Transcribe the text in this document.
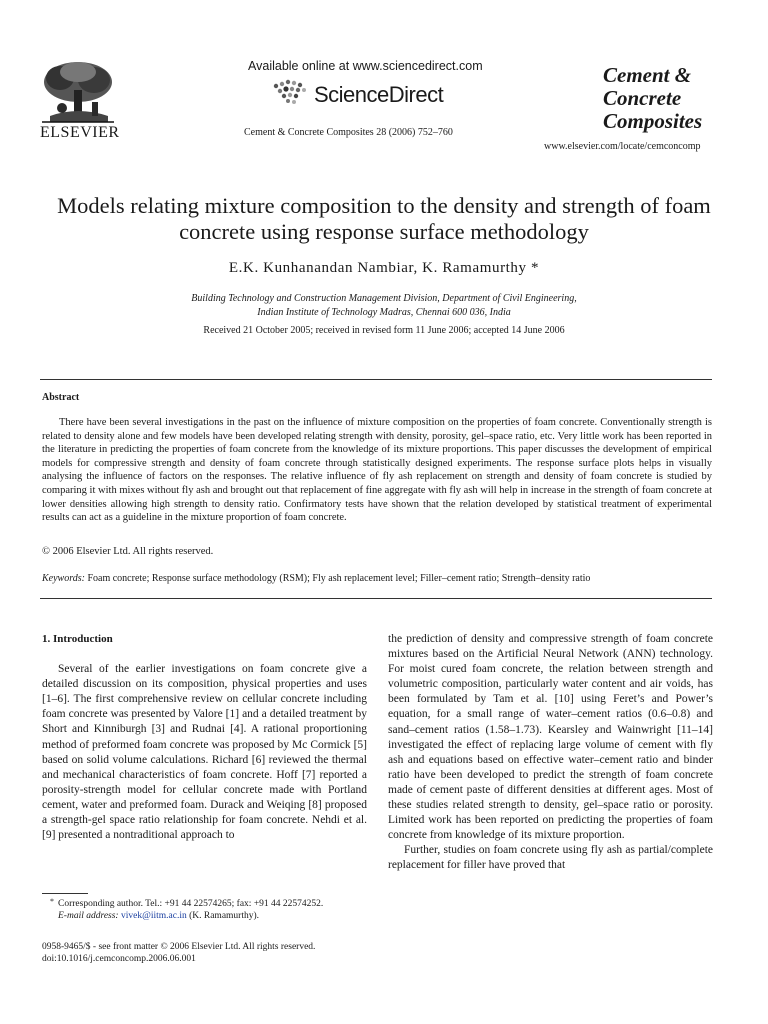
ELSEVIER
Available online at www.sciencedirect.com
ScienceDirect
Cement & Concrete Composites 28 (2006) 752–760
Cement &
Concrete
Composites
www.elsevier.com/locate/cemconcomp
Models relating mixture composition to the density and strength of foam concrete using response surface methodology
E.K. Kunhanandan Nambiar, K. Ramamurthy *
Building Technology and Construction Management Division, Department of Civil Engineering,
Indian Institute of Technology Madras, Chennai 600 036, India
Received 21 October 2005; received in revised form 11 June 2006; accepted 14 June 2006
Abstract

There have been several investigations in the past on the influence of mixture composition on the properties of foam concrete. Conventionally strength is related to density alone and few models have been developed relating strength with density, porosity, gel–space ratio, etc. Very little work has been reported in the literature in predicting the properties of foam concrete from the knowledge of its mixture proportions. This paper discusses the development of empirical models for compressive strength and density of foam concrete through statistically designed experiments. The response surface plots helps in visually analysing the influence of factors on the responses. The relative influence of fly ash replacement on strength and density of foam concrete is studied by comparing it with mixes without fly ash and brought out that replacement of fine aggregate with fly ash will help in increase in the strength of foam concrete at lower densities allowing high strength to density ratio. Confirmatory tests have shown that the relation developed by statistical treatment of experimental results can act as a guideline in the mixture proportion of foam concrete.

© 2006 Elsevier Ltd. All rights reserved.
Keywords: Foam concrete; Response surface methodology (RSM); Fly ash replacement level; Filler–cement ratio; Strength–density ratio
1. Introduction

Several of the earlier investigations on foam concrete give a detailed discussion on its composition, physical properties and uses [1–6]. The first comprehensive review on cellular concrete including foam concrete was presented by Valore [1] and a detailed treatment by Short and Kinniburgh [3] and Rudnai [4]. A rational proportioning method of preformed foam concrete was proposed by Mc Cormick [5] based on solid volume calculations. Richard [6] reviewed the thermal and mechanical characteristics of foam concrete. Hoff [7] reported a porosity-strength model for cellular concrete made with Portland cement, water and preformed foam. Durack and Weiqing [8] proposed a strength-gel space ratio relationship for foam concrete. Nehdi et al. [9] presented a nontraditional approach to

the prediction of density and compressive strength of foam concrete mixtures based on the Artificial Neural Network (ANN) technology. For moist cured foam concrete, the relation between strength and volumetric composition, particularly water content and air voids, has been formulated by Tam et al. [10] using Feret’s and Power’s equation, for a small range of water–cement ratios (0.6–0.8) and sand–cement ratios (1.58–1.73). Kearsley and Wainwright [11–14] investigated the effect of replacing large volume of cement with fly ash and equations based on effective water–cement ratio and binder ratio have been developed to predict the strength of foam concrete made of cement paste of different densities at different ages. Most of these studies related strength to density, gel–space ratio or porosity. Limited work has been reported on predicting the properties of foam concrete from knowledge of its mixture proportion.

Further, studies on foam concrete using fly ash as partial/complete replacement for filler have proved that

* Corresponding author. Tel.: +91 44 22574265; fax: +91 44 22574252.
E-mail address: vivek@iitm.ac.in (K. Ramamurthy).
0958-9465/$ - see front matter © 2006 Elsevier Ltd. All rights reserved.
doi:10.1016/j.cemconcomp.2006.06.001
